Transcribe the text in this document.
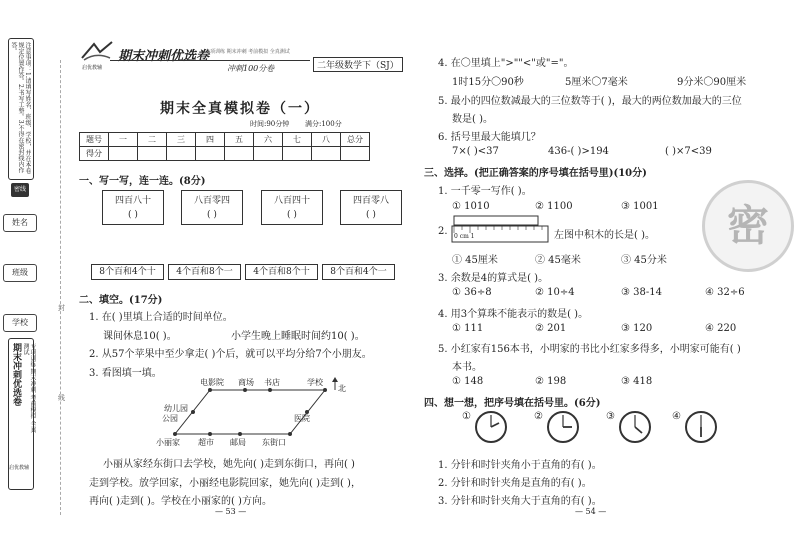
注意事项：1.请填写姓名、班级、学校，并在本卷规定位置作答。2.书写工整。3.不得在密封线内作答。
密线
姓名
班级
学校
封
线
期末冲刺优选卷	专项训练 期末冲刺 考前模拟 全真测试
启优教辅
启优教辅
期末冲刺优选卷
专项训练 期末冲刺 考前模拟 全真测试
冲刺100分卷	二年级数学下（SJ）
期末全真模拟卷（一）
时间:90分钟 满分:100分
题号	一	二	三	四	五	六	七	八	总分
得分									
一、写一写，连一连。(8分)
四百八十
( )
八百零四
( )
八百四十
( )
四百零八
( )
8个百和4个十	4个百和8个一	4个百和8个十	8个百和4个一
二、填空。(17分)
1. 在( )里填上合适的时间单位。
课间休息10( )。	小学生晚上睡眠时间约10( )。
2. 从57个苹果中至少拿走( )个后，就可以平均分给7个小朋友。
3. 看图填一填。
电影院 商场 书店	学校
幼儿园
公园
邮局
超市
小丽家	东街口
医院
北
小丽从家经东街口去学校，她先向( )走到东街口，再向( )
走到学校。放学回家，小丽经电影院回家，她先向( )走到( )，
再向( )走到( )。学校在小丽家的( )方向。
— 53 —
4. 在〇里填上">""<"或"="。
1时15分〇90秒	5厘米〇7毫米	9分米〇90厘米
5. 最小的四位数减最大的三位数等于( )，最大的两位数加最大的三位
数是( )。
6. 括号里最大能填几？
7×( )<37	436-( )>194	( )×7<39
三、选择。(把正确答案的序号填在括号里)(10分)
1. 一千零一写作( )。
① 1010	② 1100	③ 1001
2. 0 cm 1	左图中积木的长是( )。
① 45厘米	② 45毫米	③ 45分米
3. 余数是4的算式是( )。
① 36÷8	② 10÷4	③ 38-14	④ 32÷6
4. 用3个算珠不能表示的数是( )。
① 111	② 201	③ 120	④ 220
5. 小红家有156本书，小明家的书比小红家多得多，小明家可能有( )
本书。
① 148	② 198	③ 418
四、想一想，把序号填在括号里。(6分)
①	②	③	④
1. 分针和时针夹角小于直角的有( )。
2. 分针和时针夹角是直角的有( )。
3. 分针和时针夹角大于直角的有( )。
— 54 —
密
